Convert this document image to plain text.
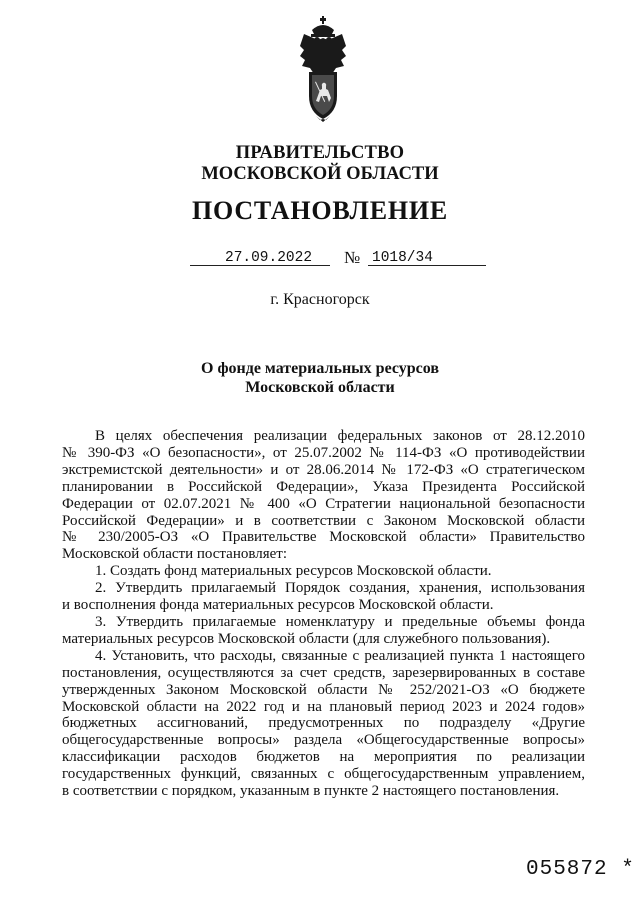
ПРАВИТЕЛЬСТВО
МОСКОВСКОЙ ОБЛАСТИ
ПОСТАНОВЛЕНИЕ
27.09.2022 № 1018/34
г. Красногорск
О фонде материальных ресурсов
Московской области

В целях обеспечения реализации федеральных законов от 28.12.2010

№ 390-ФЗ «О безопасности», от 25.07.2002 № 114-ФЗ «О противодействии

экстремистской деятельности» и от 28.06.2014 № 172-ФЗ «О стратегическом

планировании в Российской Федерации», Указа Президента Российской

Федерации от 02.07.2021 № 400 «О Стратегии национальной безопасности

Российской Федерации» и в соответствии с Законом Московской области

№ 230/2005-ОЗ «О Правительстве Московской области» Правительство

Московской области постановляет:

1. Создать фонд материальных ресурсов Московской области.

2. Утвердить прилагаемый Порядок создания, хранения, использования

и восполнения фонда материальных ресурсов Московской области.

3. Утвердить прилагаемые номенклатуру и предельные объемы фонда

материальных ресурсов Московской области (для служебного пользования).

4. Установить, что расходы, связанные с реализацией пункта 1 настоящего

постановления, осуществляются за счет средств, зарезервированных в составе

утвержденных Законом Московской области № 252/2021-ОЗ «О бюджете

Московской области на 2022 год и на плановый период 2023 и 2024 годов»

бюджетных ассигнований, предусмотренных по подразделу «Другие

общегосударственные вопросы» раздела «Общегосударственные вопросы»

классификации расходов бюджетов на мероприятия по реализации

государственных функций, связанных с общегосударственным управлением,

в соответствии с порядком, указанным в пункте 2 настоящего постановления.

055872 *
